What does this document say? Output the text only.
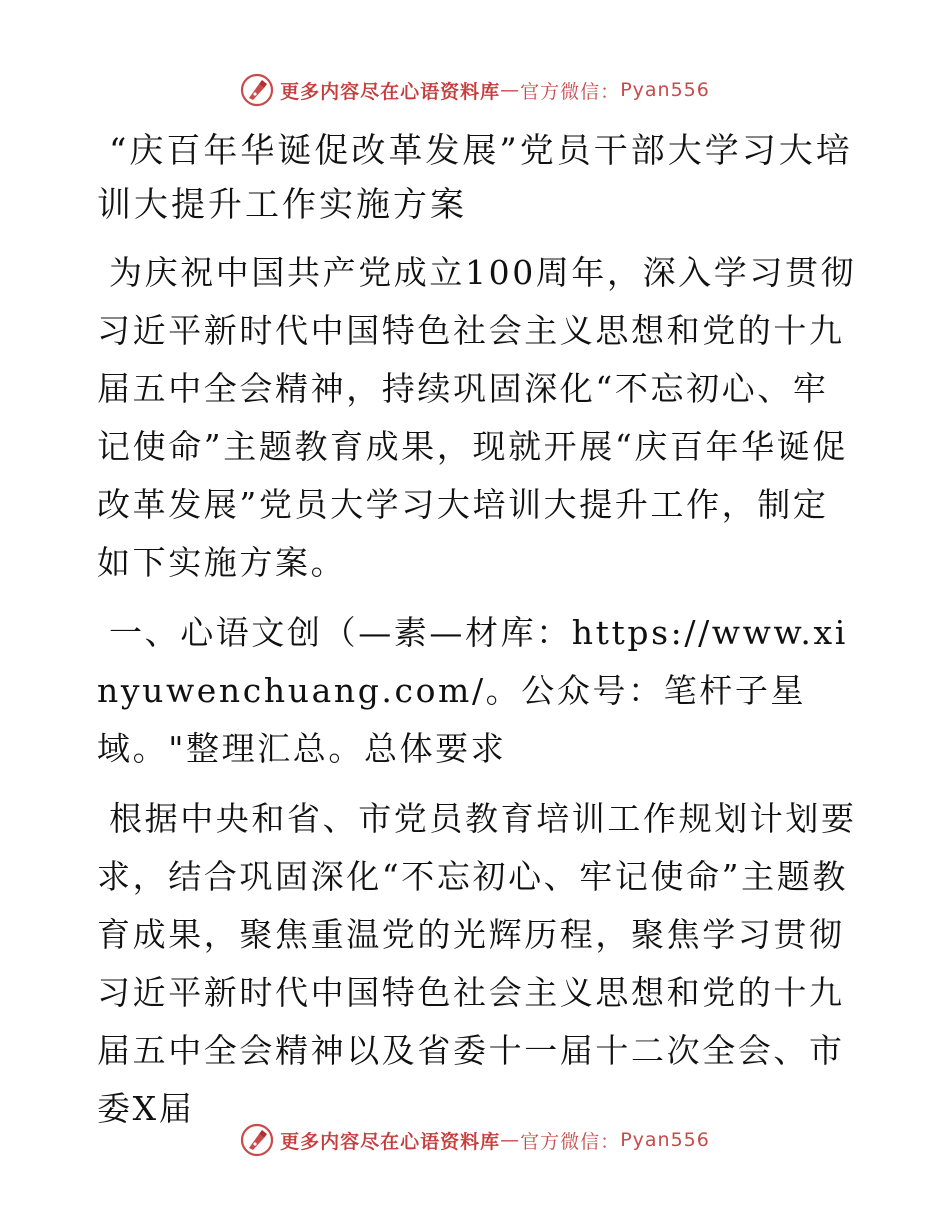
更多内容尽在心语资料库 — 官方微信： Pyan556
“庆百年华诞促改革发展”党员干部大学习大培训大提升工作实施方案

为庆祝中国共产党成立100周年，深入学习贯彻习近平新时代中国特色社会主义思想和党的十九届五中全会精神，持续巩固深化“不忘初心、牢记使命”主题教育成果，现就开展“庆百年华诞促改革发展”党员大学习大培训大提升工作，制定如下实施方案。

一、心语文创（—素—材库：https://www.xinyuwenchuang.com/。公众号：笔杆子星域。"整理汇总。总体要求

根据中央和省、市党员教育培训工作规划计划要求，结合巩固深化“不忘初心、牢记使命”主题教育成果，聚焦重温党的光辉历程，聚焦学习贯彻习近平新时代中国特色社会主义思想和党的十九届五中全会精神以及省委十一届十二次全会、市委X届

更多内容尽在心语资料库 — 官方微信： Pyan556
